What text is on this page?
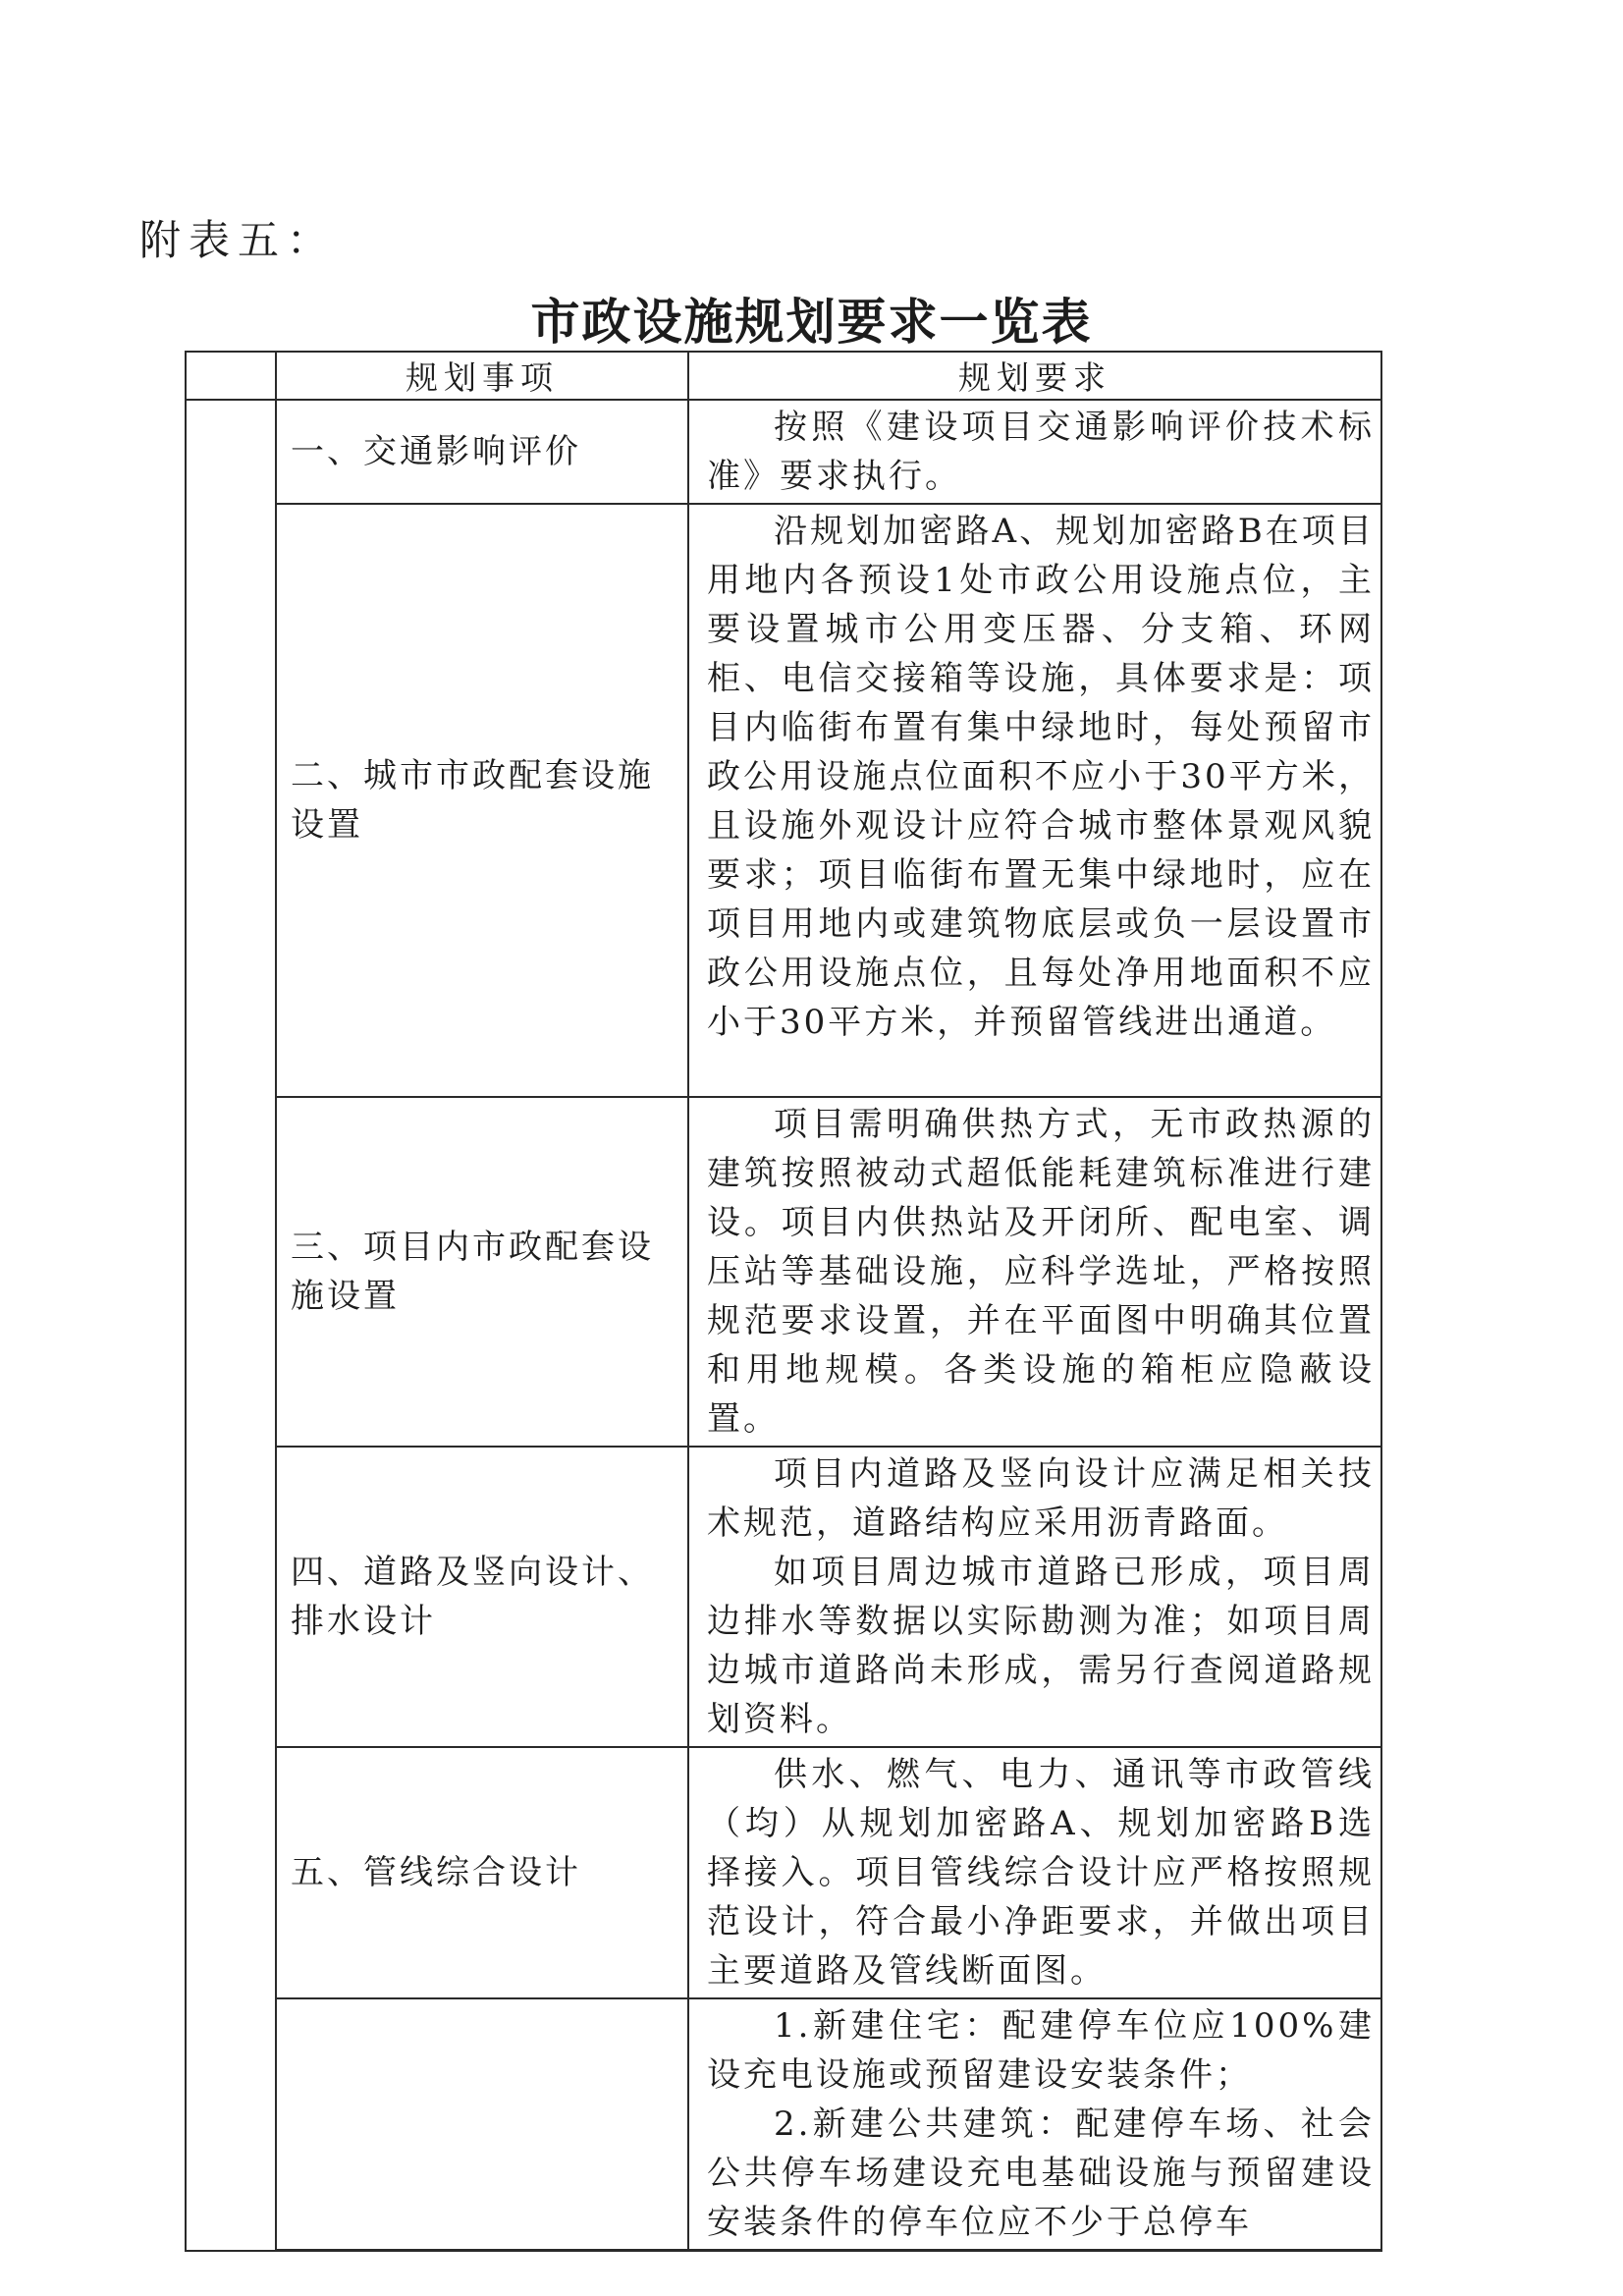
附表五：
市政设施规划要求一览表
	规划事项	规划要求
	一、交通影响评价	按照《建设项目交通影响评价技术标准》要求执行。

	二、城市市政配套设施设置	沿规划加密路A、规划加密路B在项目用地内各预设1处市政公用设施点位，主要设置城市公用变压器、分支箱、环网柜、电信交接箱等设施，具体要求是：项目内临街布置有集中绿地时，每处预留市政公用设施点位面积不应小于30平方米，且设施外观设计应符合城市整体景观风貌要求；项目临街布置无集中绿地时，应在项目用地内或建筑物底层或负一层设置市政公用设施点位，且每处净用地面积不应小于30平方米，并预留管线进出通道。

	三、项目内市政配套设施设置	项目需明确供热方式，无市政热源的建筑按照被动式超低能耗建筑标准进行建设。项目内供热站及开闭所、配电室、调压站等基础设施，应科学选址，严格按照规范要求设置，并在平面图中明确其位置和用地规模。各类设施的箱柜应隐蔽设置。

	四、道路及竖向设计、排水设计	项目内道路及竖向设计应满足相关技术规范，道路结构应采用沥青路面。

如项目周边城市道路已形成，项目周边排水等数据以实际勘测为准；如项目周边城市道路尚未形成，需另行查阅道路规划资料。

	五、管线综合设计	供水、燃气、电力、通讯等市政管线（均）从规划加密路A、规划加密路B选择接入。项目管线综合设计应严格按照规范设计，符合最小净距要求，并做出项目主要道路及管线断面图。

		1.新建住宅：配建停车位应100%建设充电设施或预留建设安装条件；

2.新建公共建筑：配建停车场、社会公共停车场建设充电基础设施与预留建设安装条件的停车位应不少于总停车
